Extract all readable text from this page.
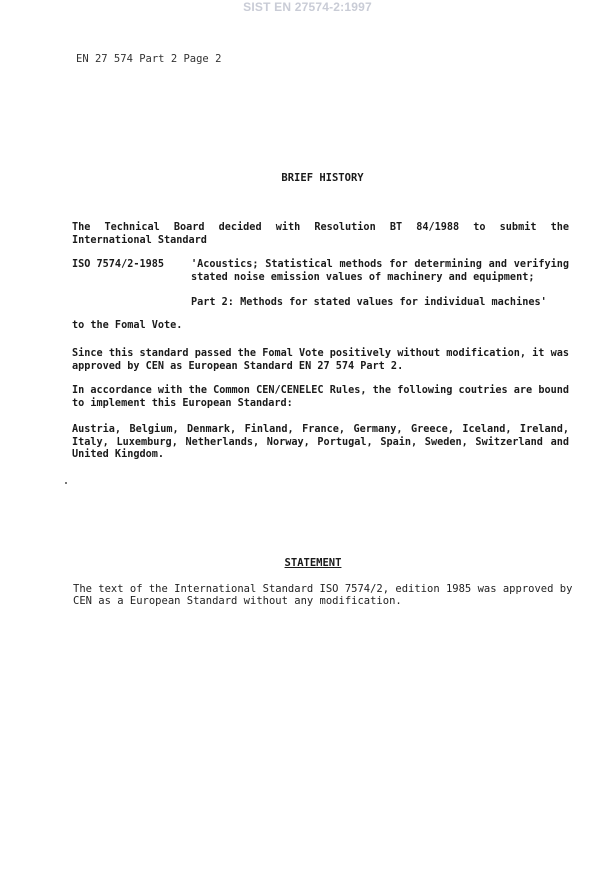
SIST EN 27574-2:1997
EN 27 574 Part 2 Page 2
BRIEF HISTORY
The Technical Board decided with Resolution BT 84/1988 to submit the International Standard
ISO 7574/2-1985	'Acoustics; Statistical methods for determining and verifying stated noise emission values of machinery and equipment;
Part 2: Methods for stated values for individual machines'
to the Fomal Vote.
Since this standard passed the Fomal Vote positively without modification, it was approved by CEN as European Standard EN 27 574 Part 2.
In accordance with the Common CEN/CENELEC Rules, the following coutries are bound to implement this European Standard:
Austria, Belgium, Denmark, Finland, France, Germany, Greece, Iceland, Ireland, Italy, Luxemburg, Netherlands, Norway, Portugal, Spain, Sweden, Switzerland and United Kingdom.
STATEMENT
The text of the International Standard ISO 7574/2, edition 1985 was approved by CEN as a European Standard without any modification.
